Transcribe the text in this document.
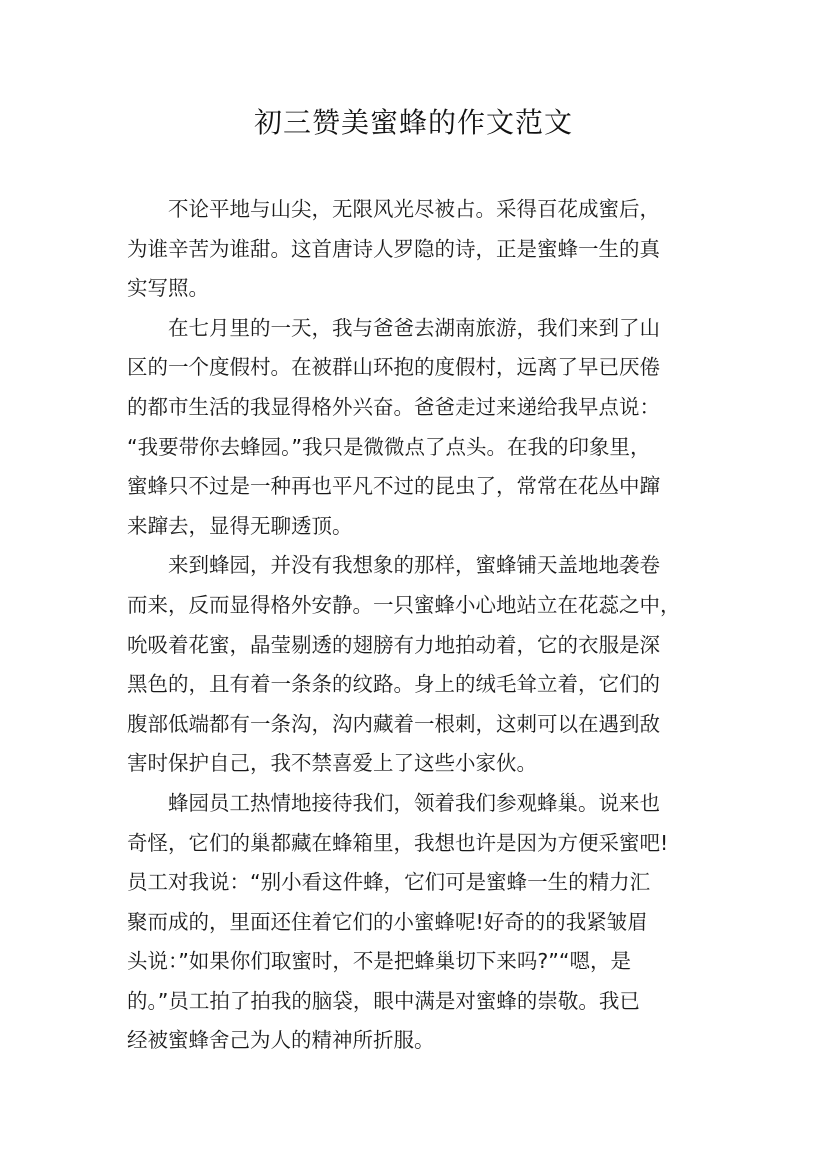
初三赞美蜜蜂的作文范文

不论平地与山尖，无限风光尽被占。采得百花成蜜后，
为谁辛苦为谁甜。这首唐诗人罗隐的诗，正是蜜蜂一生的真
实写照。

在七月里的一天，我与爸爸去湖南旅游，我们来到了山
区的一个度假村。在被群山环抱的度假村，远离了早已厌倦
的都市生活的我显得格外兴奋。爸爸走过来递给我早点说：
“我要带你去蜂园。”我只是微微点了点头。在我的印象里，
蜜蜂只不过是一种再也平凡不过的昆虫了，常常在花丛中蹿
来蹿去，显得无聊透顶。

来到蜂园，并没有我想象的那样，蜜蜂铺天盖地地袭卷
而来，反而显得格外安静。一只蜜蜂小心地站立在花蕊之中，
吮吸着花蜜，晶莹剔透的翅膀有力地拍动着，它的衣服是深
黑色的，且有着一条条的纹路。身上的绒毛耸立着，它们的
腹部低端都有一条沟，沟内藏着一根刺，这刺可以在遇到敌
害时保护自己，我不禁喜爱上了这些小家伙。

蜂园员工热情地接待我们，领着我们参观蜂巢。说来也
奇怪，它们的巢都藏在蜂箱里，我想也许是因为方便采蜜吧!
员工对我说：“别小看这件蜂，它们可是蜜蜂一生的精力汇
聚而成的，里面还住着它们的小蜜蜂呢!好奇的的我紧皱眉
头说：”如果你们取蜜时，不是把蜂巢切下来吗?”“嗯，是
的。”员工拍了拍我的脑袋，眼中满是对蜜蜂的崇敬。我已
经被蜜蜂舍己为人的精神所折服。
